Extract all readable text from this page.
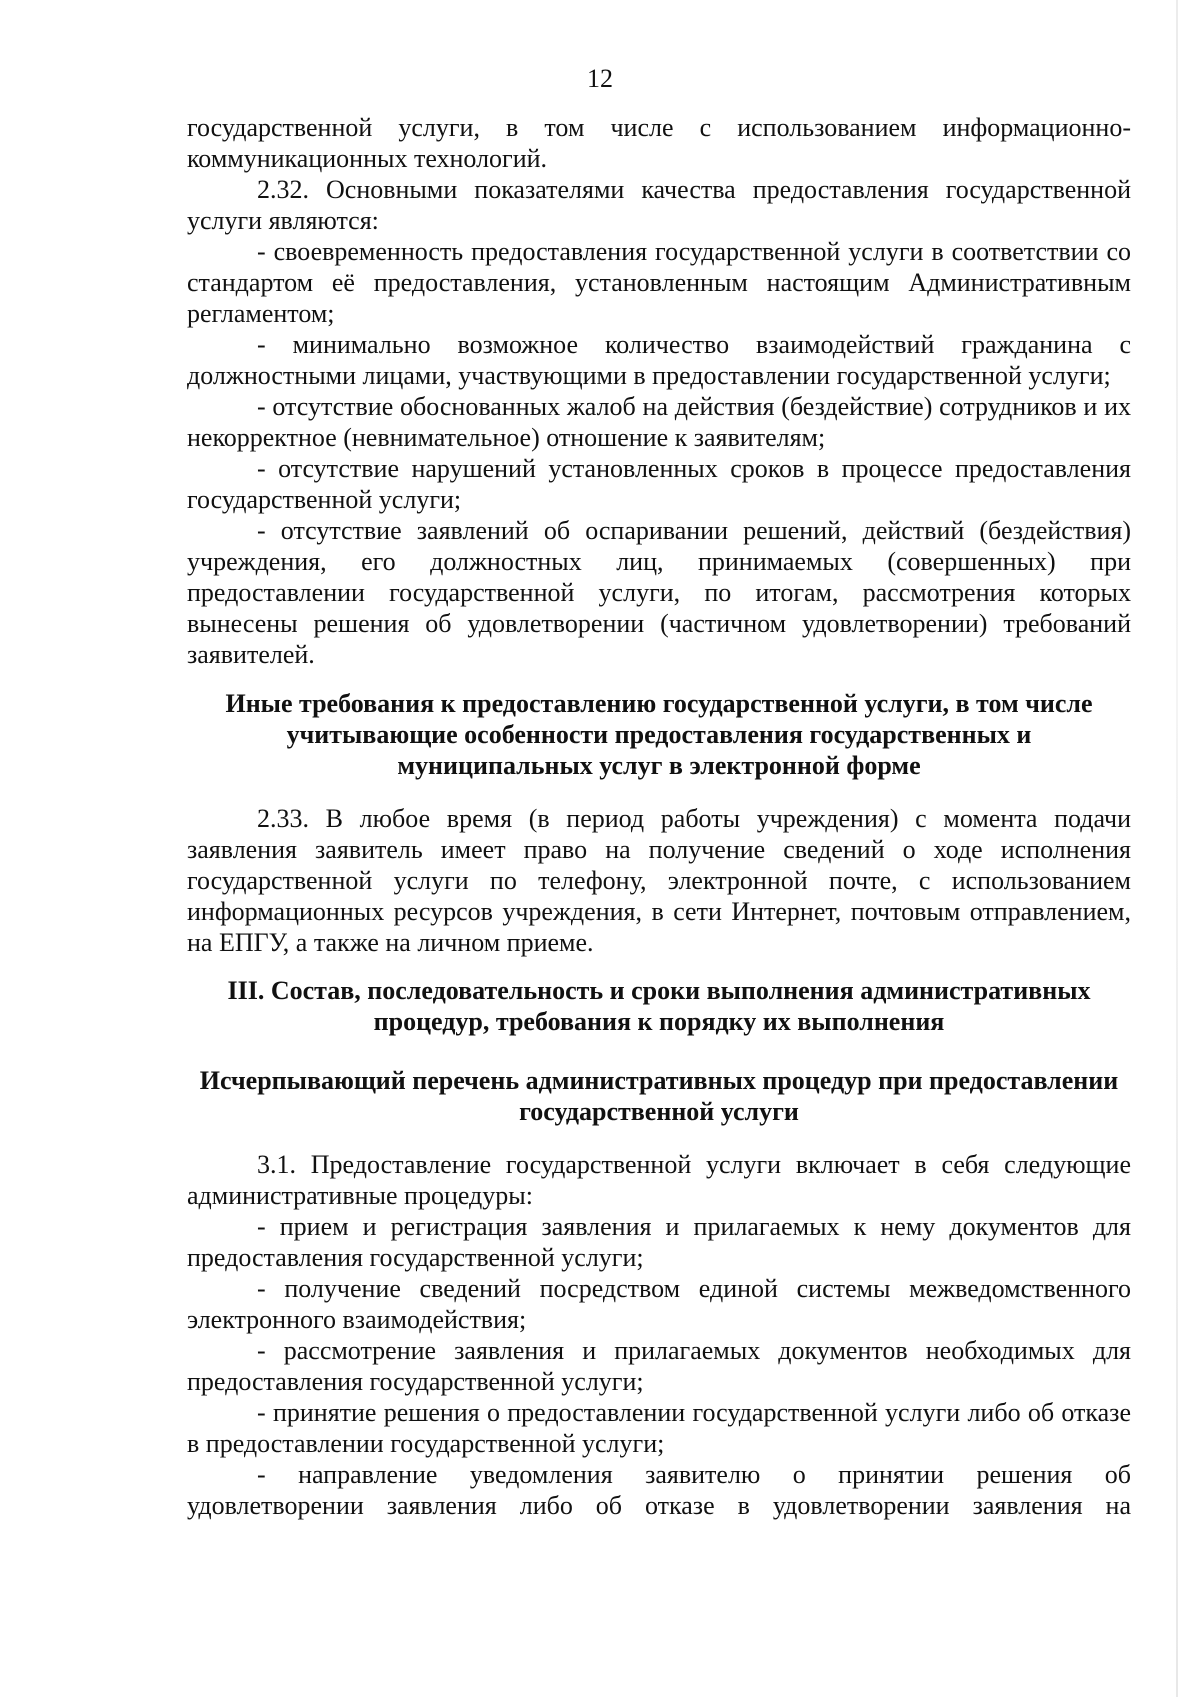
12

государственной услуги, в том числе с использованием информационно-коммуникационных технологий.

2.32. Основными показателями качества предоставления государственной услуги являются:

- своевременность предоставления государственной услуги в соответствии со стандартом её предоставления, установленным настоящим Административным регламентом;

- минимально возможное количество взаимодействий гражданина с должностными лицами, участвующими в предоставлении государственной услуги;

- отсутствие обоснованных жалоб на действия (бездействие) сотрудников и их некорректное (невнимательное) отношение к заявителям;

- отсутствие нарушений установленных сроков в процессе предоставления государственной услуги;

- отсутствие заявлений об оспаривании решений, действий (бездействия) учреждения, его должностных лиц, принимаемых (совершенных) при предоставлении государственной услуги, по итогам, рассмотрения которых вынесены решения об удовлетворении (частичном удовлетворении) требований заявителей.

Иные требования к предоставлению государственной услуги, в том числе учитывающие особенности предоставления государственных и муниципальных услуг в электронной форме

2.33. В любое время (в период работы учреждения) с момента подачи заявления заявитель имеет право на получение сведений о ходе исполнения государственной услуги по телефону, электронной почте, с использованием информационных ресурсов учреждения, в сети Интернет, почтовым отправлением, на ЕПГУ, а также на личном приеме.

III. Состав, последовательность и сроки выполнения административных процедур, требования к порядку их выполнения
Исчерпывающий перечень административных процедур при предоставлении государственной услуги

3.1. Предоставление государственной услуги включает в себя следующие административные процедуры:

- прием и регистрация заявления и прилагаемых к нему документов для предоставления государственной услуги;

- получение сведений посредством единой системы межведомственного электронного взаимодействия;

- рассмотрение заявления и прилагаемых документов необходимых для предоставления государственной услуги;

- принятие решения о предоставлении государственной услуги либо об отказе в предоставлении государственной услуги;

- направление уведомления заявителю о принятии решения об удовлетворении заявления либо об отказе в удовлетворении заявления на
